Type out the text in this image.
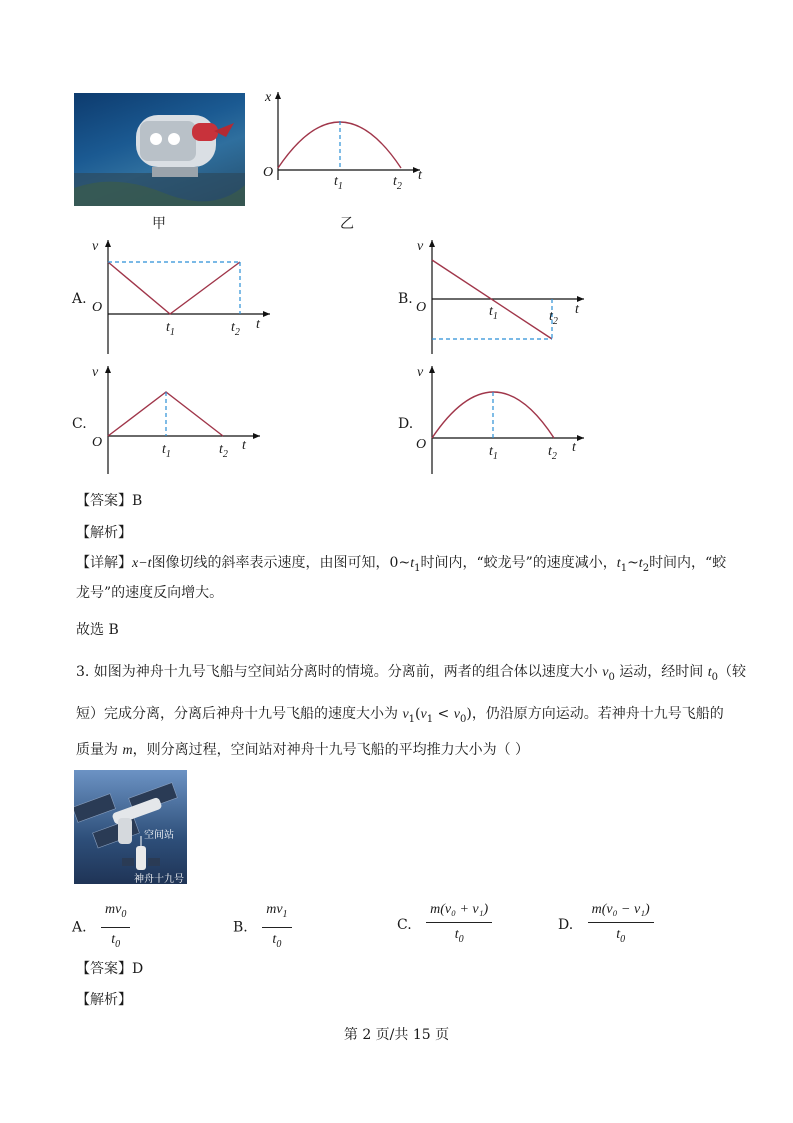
甲
x
O
$t_1$	$t_2$
t
乙
A.
v
O
$t_1$	$t_2$
t
B.
v
O	$t_1$	$t_2$
t
C.
v
O	$t_1$	$t_2$
t
D.
v
O	$t_1$	$t_2$
t
【答案】B
【解析】
【详解】x−t图像切线的斜率表示速度，由图可知，$0\sim t_1$时间内，“蛟龙号”的速度减小，$t_1\sim t_2$时间内，“蛟
龙号”的速度反向增大。
故选 B
3. 如图为神舟十九号飞船与空间站分离时的情境。分离前，两者的组合体以速度大小 $v_0$ 运动，经时间 $t_0$（较
短）完成分离，分离后神舟十九号飞船的速度大小为 $v_1(v_1 < v_0)$，仍沿原方向运动。若神舟十九号飞船的
质量为 m，则分离过程，空间站对神舟十九号飞船的平均推力大小为（ ）
空间站
神舟十九号
A. $\frac{mv_0}{t_0}$	B. $\frac{mv_1}{t_0}$	C. $\frac{\text{m(v₀ + v₁)}}{t_0}$	D. $\frac{\text{m(v₀ − v₁)}}{t_0}$
【答案】D
【解析】
第 2 页/共 15 页
